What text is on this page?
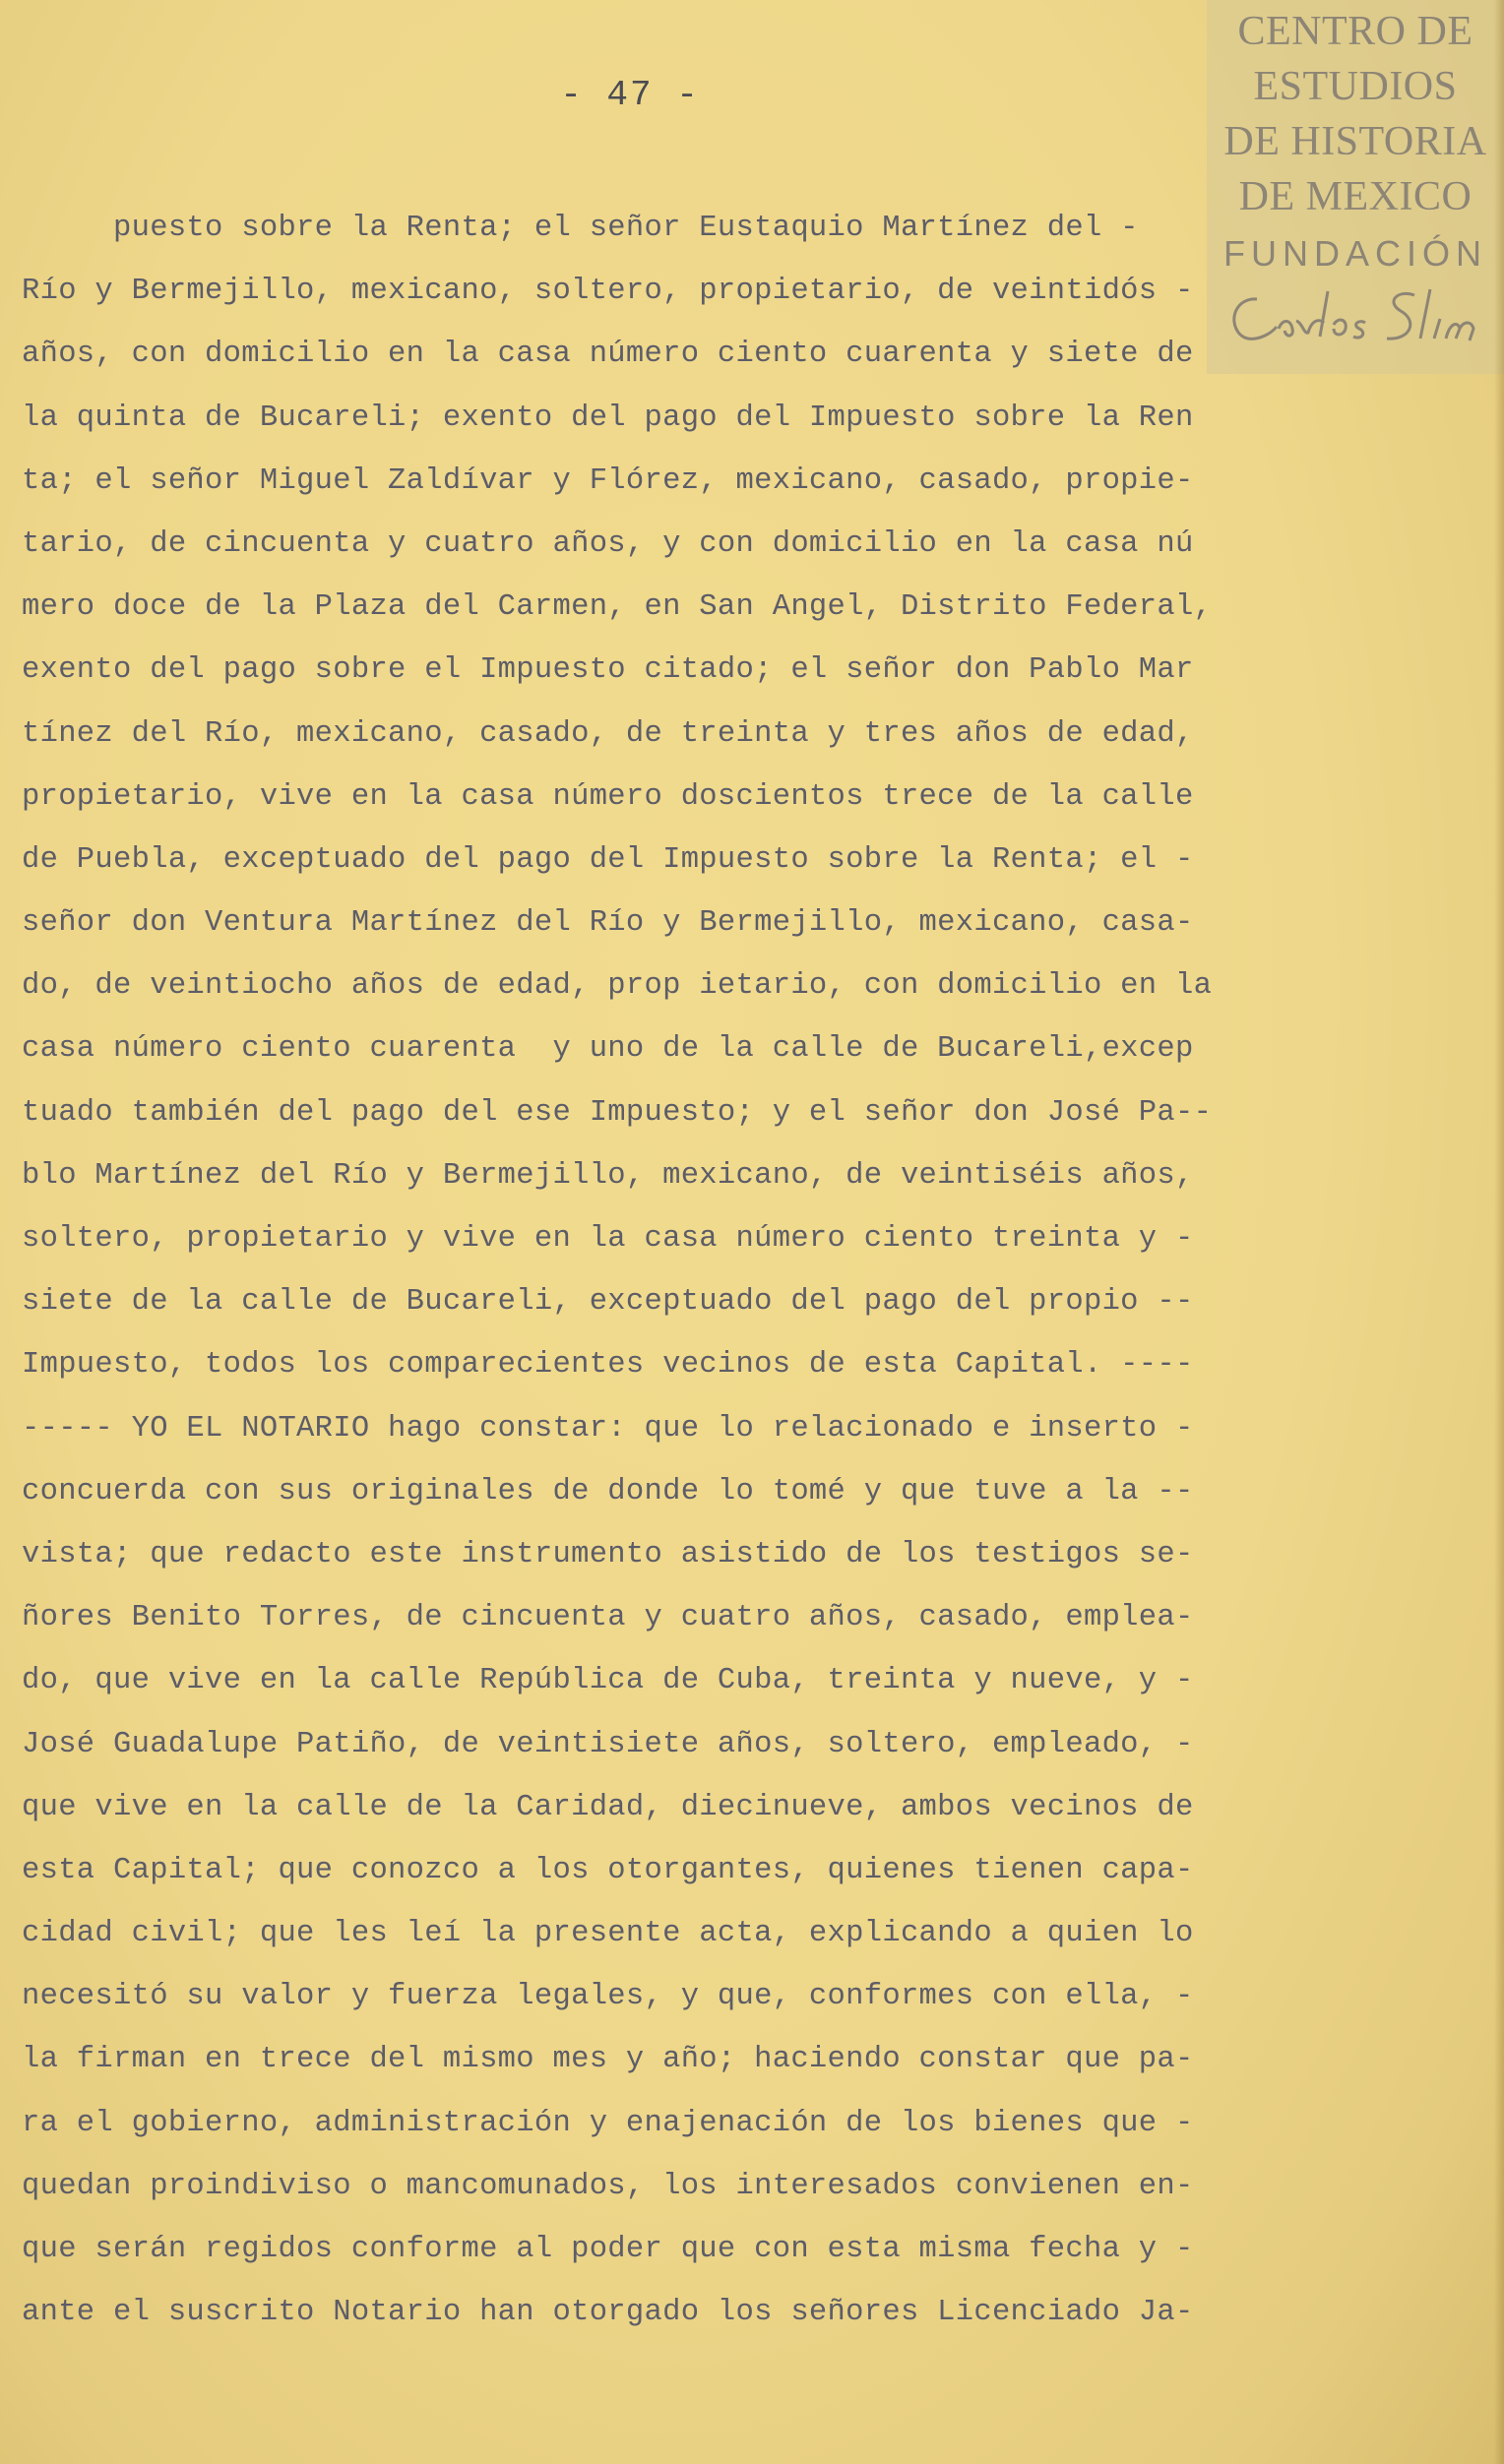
- 47 -
puesto sobre la Renta; el señor Eustaquio Martínez del -
Río y Bermejillo, mexicano, soltero, propietario, de veintidós -
años, con domicilio en la casa número ciento cuarenta y siete de
la quinta de Bucareli; exento del pago del Impuesto sobre la Ren
ta; el señor Miguel Zaldívar y Flórez, mexicano, casado, propie-
tario, de cincuenta y cuatro años, y con domicilio en la casa nú
mero doce de la Plaza del Carmen, en San Angel, Distrito Federal,
exento del pago sobre el Impuesto citado; el señor don Pablo Mar
tínez del Río, mexicano, casado, de treinta y tres años de edad,
propietario, vive en la casa número doscientos trece de la calle
de Puebla, exceptuado del pago del Impuesto sobre la Renta; el -
señor don Ventura Martínez del Río y Bermejillo, mexicano, casa-
do, de veintiocho años de edad, prop ietario, con domicilio en la
casa número ciento cuarenta  y uno de la calle de Bucareli,excep
tuado también del pago del ese Impuesto; y el señor don José Pa--
blo Martínez del Río y Bermejillo, mexicano, de veintiséis años,
soltero, propietario y vive en la casa número ciento treinta y -
siete de la calle de Bucareli, exceptuado del pago del propio --
Impuesto, todos los comparecientes vecinos de esta Capital. ----
----- YO EL NOTARIO hago constar: que lo relacionado e inserto -
concuerda con sus originales de donde lo tomé y que tuve a la --
vista; que redacto este instrumento asistido de los testigos se-
ñores Benito Torres, de cincuenta y cuatro años, casado, emplea-
do, que vive en la calle República de Cuba, treinta y nueve, y -
José Guadalupe Patiño, de veintisiete años, soltero, empleado, -
que vive en la calle de la Caridad, diecinueve, ambos vecinos de
esta Capital; que conozco a los otorgantes, quienes tienen capa-
cidad civil; que les leí la presente acta, explicando a quien lo
necesitó su valor y fuerza legales, y que, conformes con ella, -
la firman en trece del mismo mes y año; haciendo constar que pa-
ra el gobierno, administración y enajenación de los bienes que -
quedan proindiviso o mancomunados, los interesados convienen en-
que serán regidos conforme al poder que con esta misma fecha y -
ante el suscrito Notario han otorgado los señores Licenciado Ja-
CENTRO DE
ESTUDIOS
DE HISTORIA
DE MEXICO
FUNDACIÓN
